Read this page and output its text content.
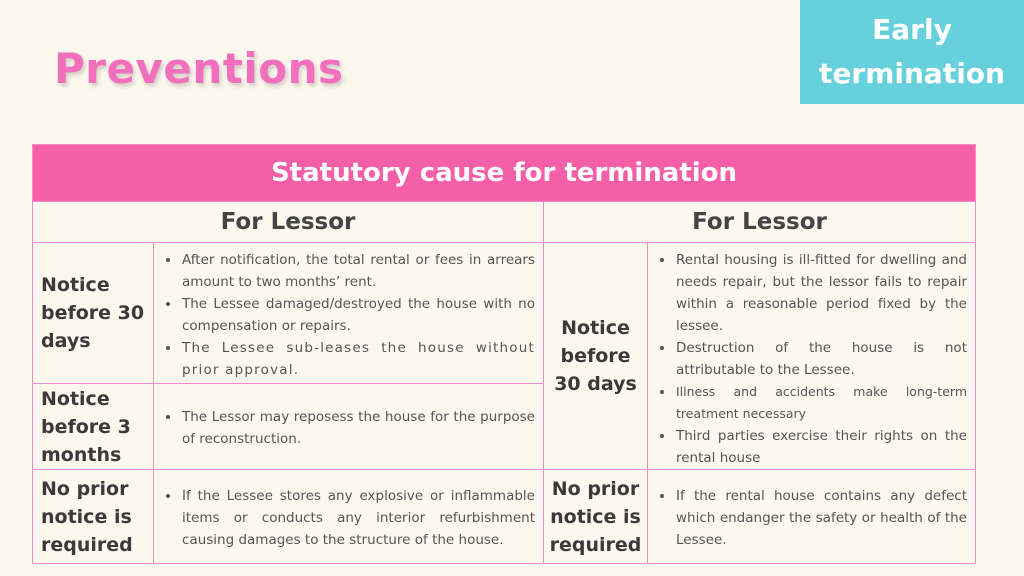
Preventions
Early
termination
Statutory cause for termination
For Lessor	For Lessor
Notice before 30 days
After notification, the total rental or fees in arrears amount to two months’ rent.
The Lessee damaged/destroyed the house with no compensation or repairs.
The Lessee sub-leases the house without prior approval.
Notice before 3 months
The Lessor may reposess the house for the purpose of reconstruction.
No prior notice is required
If the Lessee stores any explosive or inflammable items or conducts any interior refurbishment causing damages to the structure of the house.
Notice before 30 days
Rental housing is ill-fitted for dwelling and needs repair, but the lessor fails to repair within a reasonable period fixed by the lessee.
Destruction of the house is not attributable to the Lessee.
Illness and accidents make long-term treatment necessary
Third parties exercise their rights on the rental house
No prior notice is required
If the rental house contains any defect which endanger the safety or health of the Lessee.
